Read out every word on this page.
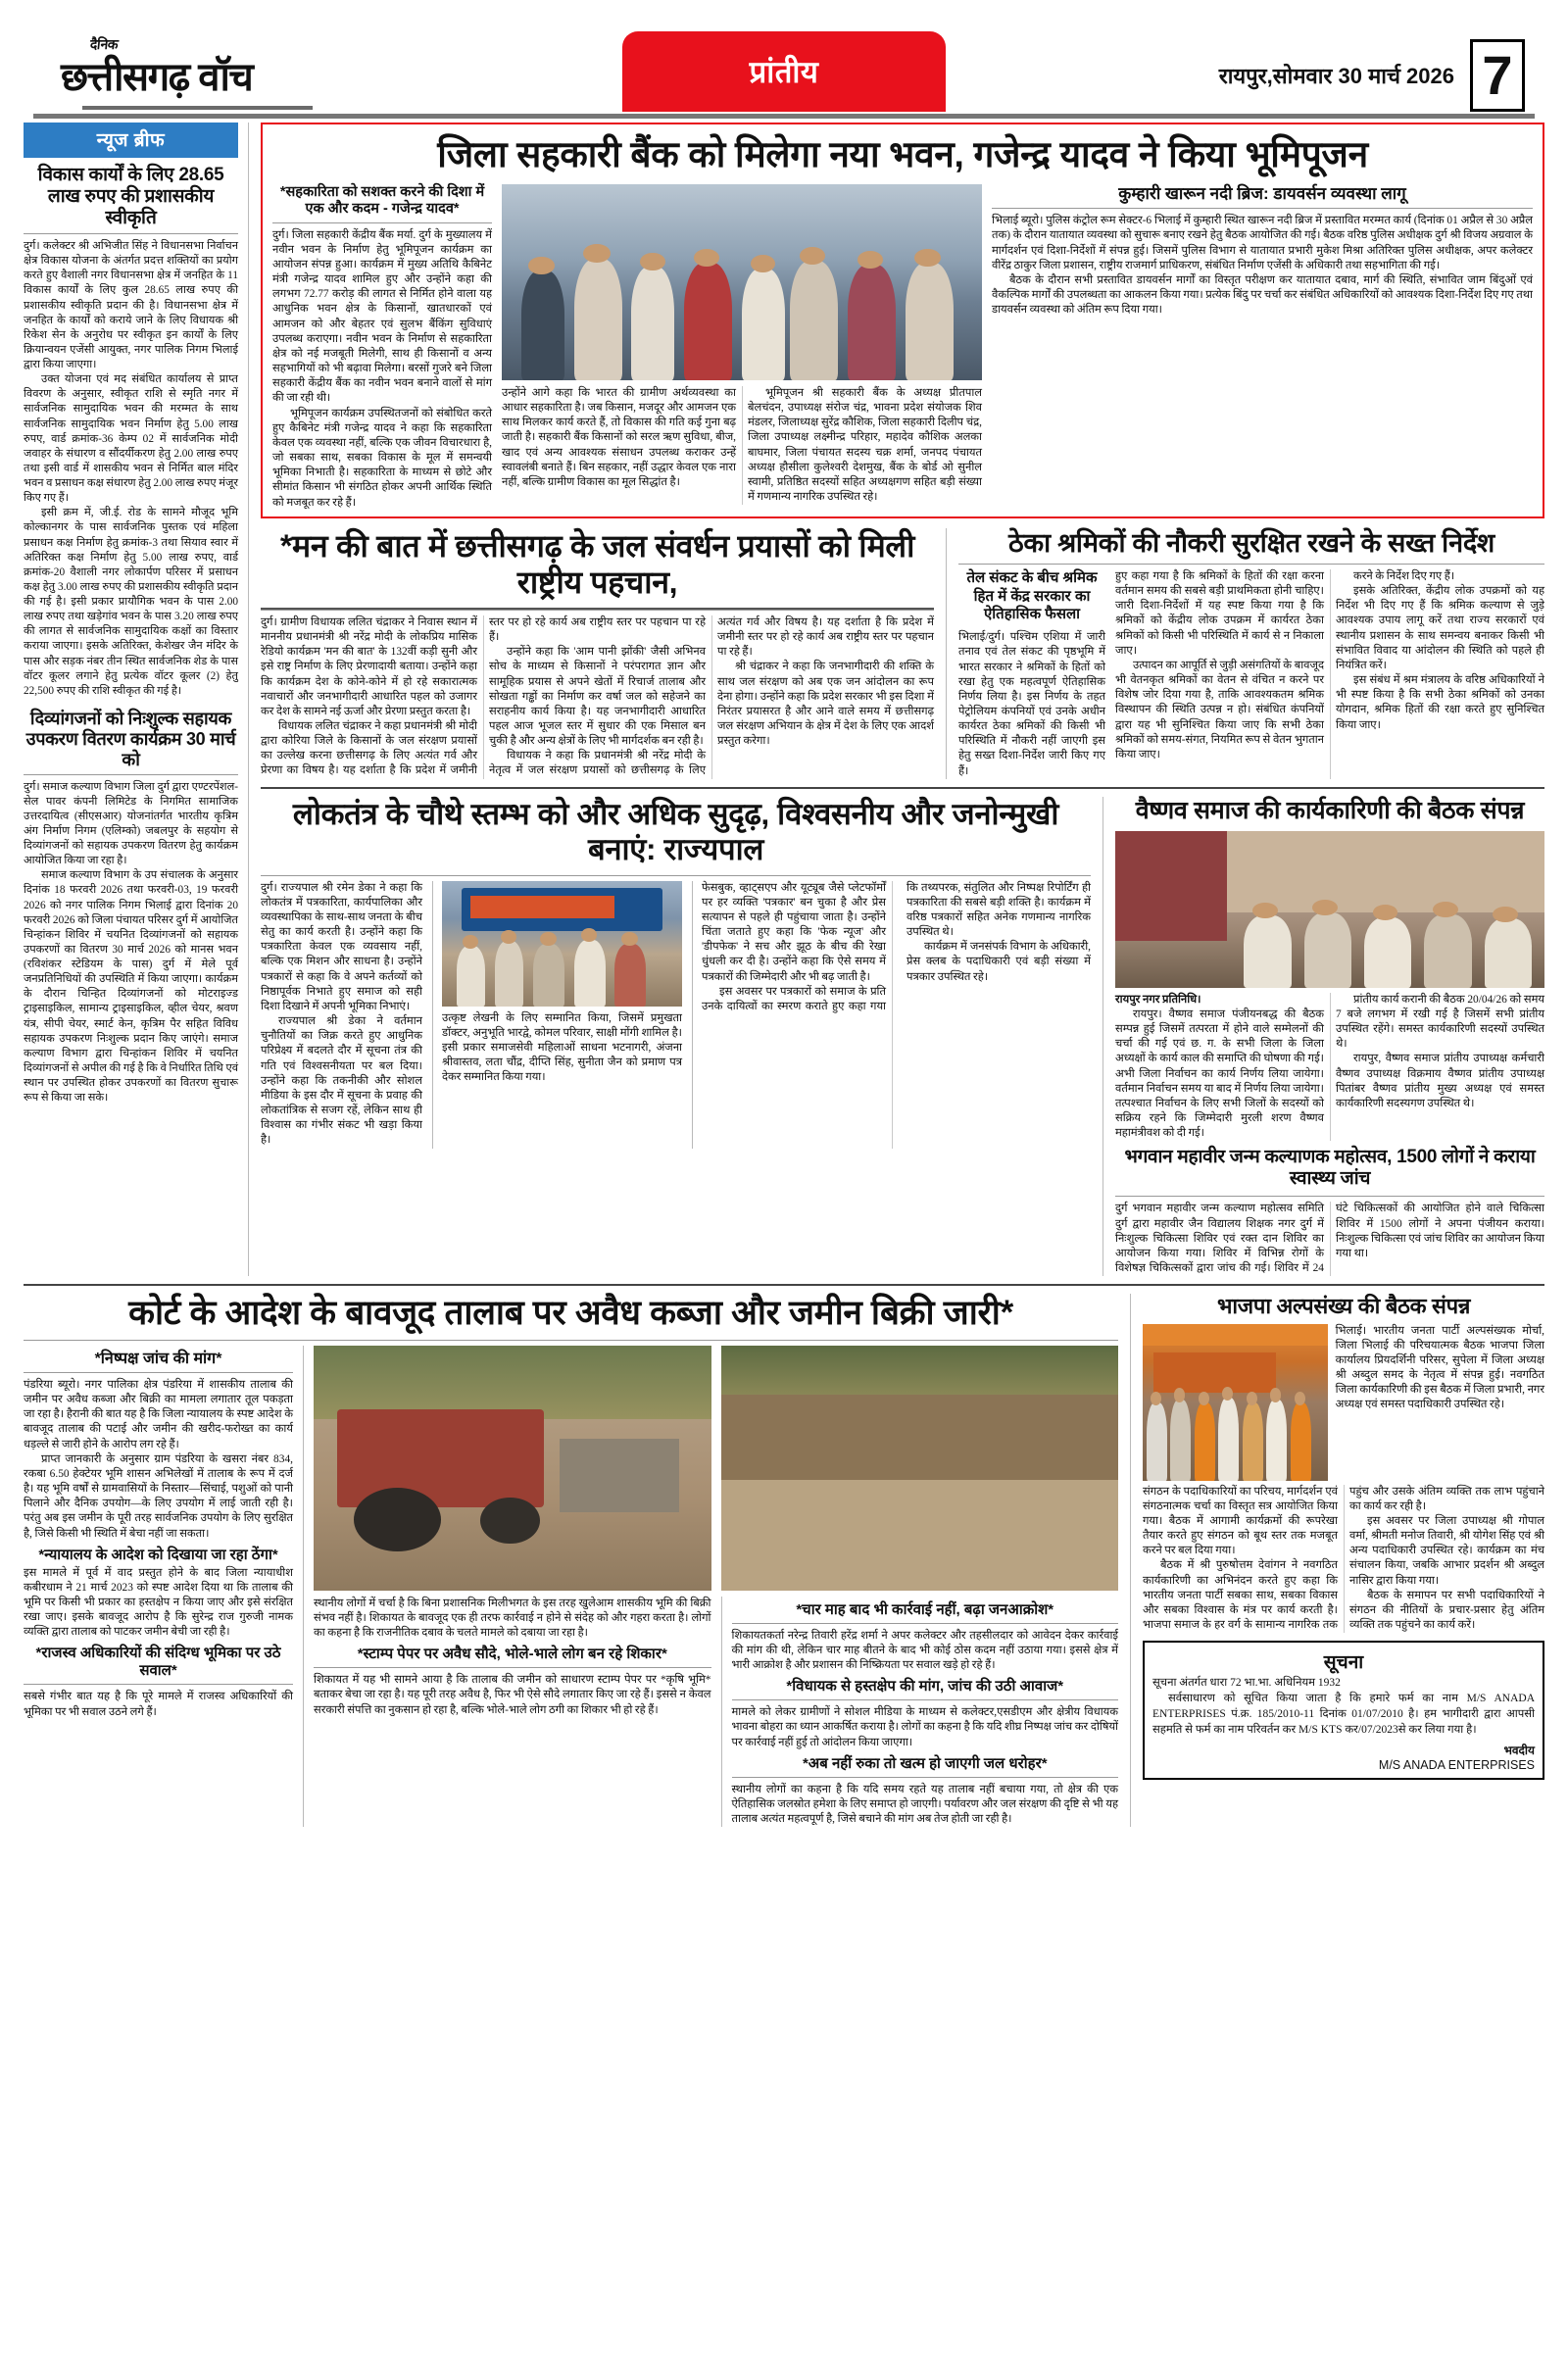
दैनिक
छत्तीसगढ़ वॉच	प्रांतीय	रायपुर,सोमवार 30 मार्च 2026 7
न्यूज ब्रीफ
विकास कार्यों के लिए 28.65 लाख रुपए की प्रशासकीय स्वीकृति

दुर्ग। कलेक्टर श्री अभिजीत सिंह ने विधानसभा निर्वाचन क्षेत्र विकास योजना के अंतर्गत प्रदत्त शक्तियों का प्रयोग करते हुए वैशाली नगर विधानसभा क्षेत्र में जनहित के 11 विकास कार्यों के लिए कुल 28.65 लाख रुपए की प्रशासकीय स्वीकृति प्रदान की है। विधानसभा क्षेत्र में जनहित के कार्यों को कराये जाने के लिए विधायक श्री रिकेश सेन के अनुरोध पर स्वीकृत इन कार्यों के लिए क्रियान्वयन एजेंसी आयुक्त, नगर पालिक निगम भिलाई द्वारा किया जाएगा।

उक्त योजना एवं मद संबंधित कार्यालय से प्राप्त विवरण के अनुसार, स्वीकृत राशि से स्मृति नगर में सार्वजनिक सामुदायिक भवन की मरम्मत के साथ सार्वजनिक सामुदायिक भवन निर्माण हेतु 5.00 लाख रुपए, वार्ड क्रमांक-36 केम्प 02 में सार्वजनिक मोदी जवाहर के संधारण व सौंदर्यीकरण हेतु 2.00 लाख रुपए तथा इसी वार्ड में शासकीय भवन से निर्मित बाल मंदिर भवन व प्रसाधन कक्ष संधारण हेतु 2.00 लाख रुपए मंजूर किए गए हैं।

इसी क्रम में, जी.ई. रोड के सामने मौजूद भूमि कोल्कानगर के पास सार्वजनिक पुस्तक एवं महिला प्रसाधन कक्ष निर्माण हेतु क्रमांक-3 तथा सियाव स्वार में अतिरिक्त कक्ष निर्माण हेतु 5.00 लाख रुपए, वार्ड क्रमांक-20 वैशाली नगर लोकार्पण परिसर में प्रसाधन कक्ष हेतु 3.00 लाख रुपए की प्रशासकीय स्वीकृति प्रदान की गई है। इसी प्रकार प्रायौगिक भवन के पास 2.00 लाख रुपए तथा खड़ेगांव भवन के पास 3.20 लाख रुपए की लागत से सार्वजनिक सामुदायिक कक्षों का विस्तार कराया जाएगा। इसके अतिरिक्त, केशेखर जैन मंदिर के पास और सड़क नंबर तीन स्थित सार्वजनिक शेड के पास वॉटर कूलर लगाने हेतु प्रत्येक वॉटर कूलर (2) हेतु 22,500 रुपए की राशि स्वीकृत की गई है।

दिव्यांगजनों को निःशुल्क सहायक उपकरण वितरण कार्यक्रम 30 मार्च को

दुर्ग। समाज कल्याण विभाग जिला दुर्ग द्वारा एण्टरपेंशल-सेल पावर कंपनी लिमिटेड के निगमित सामाजिक उत्तरदायित्व (सीएसआर) योजनांतर्गत भारतीय कृत्रिम अंग निर्माण निगम (एलिम्को) जबलपुर के सहयोग से दिव्यांगजनों को सहायक उपकरण वितरण हेतु कार्यक्रम आयोजित किया जा रहा है।

समाज कल्याण विभाग के उप संचालक के अनुसार दिनांक 18 फरवरी 2026 तथा फरवरी-03, 19 फरवरी 2026 को नगर पालिक निगम भिलाई द्वारा दिनांक 20 फरवरी 2026 को जिला पंचायत परिसर दुर्ग में आयोजित चिन्हांकन शिविर में चयनित दिव्यांगजनों को सहायक उपकरणों का वितरण 30 मार्च 2026 को मानस भवन (रविशंकर स्टेडियम के पास) दुर्ग में मेले पूर्व जनप्रतिनिधियों की उपस्थिति में किया जाएगा। कार्यक्रम के दौरान चिन्हित दिव्यांगजनों को मोटराइज्ड ट्राइसाइकिल, सामान्य ट्राइसाइकिल, व्हील चेयर, श्रवण यंत्र, सीपी चेयर, स्मार्ट केन, कृत्रिम पैर सहित विविध सहायक उपकरण निःशुल्क प्रदान किए जाएंगे। समाज कल्याण विभाग द्वारा चिन्हांकन शिविर में चयनित दिव्यांगजनों से अपील की गई है कि वे निर्धारित तिथि एवं स्थान पर उपस्थित होकर उपकरणों का वितरण सुचारू रूप से किया जा सके।

जिला सहकारी बैंक को मिलेगा नया भवन, गजेन्द्र यादव ने किया भूमिपूजन
*सहकारिता को सशक्त करने की दिशा में एक और कदम - गजेन्द्र यादव*

दुर्ग। जिला सहकारी केंद्रीय बैंक मर्या. दुर्ग के मुख्यालय में नवीन भवन के निर्माण हेतु भूमिपूजन कार्यक्रम का आयोजन संपन्न हुआ। कार्यक्रम में मुख्य अतिथि कैबिनेट मंत्री गजेन्द्र यादव शामिल हुए और उन्होंने कहा की लगभग 72.77 करोड़ की लागत से निर्मित होने वाला यह आधुनिक भवन क्षेत्र के किसानों, खातधारकों एवं आमजन को और बेहतर एवं सुलभ बैंकिंग सुविधाएं उपलब्ध कराएगा। नवीन भवन के निर्माण से सहकारिता क्षेत्र को नई मजबूती मिलेगी, साथ ही किसानों व अन्य सहभागियों को भी बढ़ावा मिलेगा। बरसों गुजरे बने जिला सहकारी केंद्रीय बैंक का नवीन भवन बनाने वालों से मांग की जा रही थी।

भूमिपूजन कार्यक्रम उपस्थितजनों को संबोधित करते हुए कैबिनेट मंत्री गजेन्द्र यादव ने कहा कि सहकारिता केवल एक व्यवस्था नहीं, बल्कि एक जीवन विचारधारा है, जो सबका साथ, सबका विकास के मूल में समन्वयी भूमिका निभाती है। सहकारिता के माध्यम से छोटे और सीमांत किसान भी संगठित होकर अपनी आर्थिक स्थिति को मजबूत कर रहे हैं।

उन्होंने आगे कहा कि भारत की ग्रामीण अर्थव्यवस्था का आधार सहकारिता है। जब किसान, मजदूर और आमजन एक साथ मिलकर कार्य करते हैं, तो विकास की गति कई गुना बढ़ जाती है। सहकारी बैंक किसानों को सरल ऋण सुविधा, बीज, खाद एवं अन्य आवश्यक संसाधन उपलब्ध कराकर उन्हें स्वावलंबी बनाते हैं। बिन सहकार, नहीं उद्धार केवल एक नारा नहीं, बल्कि ग्रामीण विकास का मूल सिद्धांत है।

भूमिपूजन श्री सहकारी बैंक के अध्यक्ष प्रीतपाल बेलचंदन, उपाध्यक्ष संरोज चंद्र, भावना प्रदेश संयोजक शिव मंडलर, जिलाध्यक्ष सुरेंद्र कौशिक, जिला सहकारी दिलीप चंद्र, जिला उपाध्यक्ष लक्ष्मीन्द्र परिहार, महादेव कौशिक अलका बाघमार, जिला पंचायत सदस्य चक्र शर्मा, जनपद पंचायत अध्यक्ष हौसीला कुलेश्वरी देशमुख, बैंक के बोर्ड ओ सुनील स्वामी, प्रतिष्ठित सदस्यों सहित अध्यक्षगण सहित बड़ी संख्या में गणमान्य नागरिक उपस्थित रहे।

कुम्हारी खारून नदी ब्रिज: डायवर्सन व्यवस्था लागू

भिलाई ब्यूरो। पुलिस कंट्रोल रूम सेक्टर-6 भिलाई में कुम्हारी स्थित खारून नदी ब्रिज में प्रस्तावित मरम्मत कार्य (दिनांक 01 अप्रैल से 30 अप्रैल तक) के दौरान यातायात व्यवस्था को सुचारू बनाए रखने हेतु बैठक आयोजित की गई। बैठक वरिष्ठ पुलिस अधीक्षक दुर्ग श्री विजय अग्रवाल के मार्गदर्शन एवं दिशा-निर्देशों में संपन्न हुई। जिसमें पुलिस विभाग से यातायात प्रभारी मुकेश मिश्रा अतिरिक्त पुलिस अधीक्षक, अपर कलेक्टर वीरेंद्र ठाकुर जिला प्रशासन, राष्ट्रीय राजमार्ग प्राधिकरण, संबंधित निर्माण एजेंसी के अधिकारी तथा सहभागिता की गई।

बैठक के दौरान सभी प्रस्तावित डायवर्सन मार्गों का विस्तृत परीक्षण कर यातायात दबाव, मार्ग की स्थिति, संभावित जाम बिंदुओं एवं वैकल्पिक मार्गों की उपलब्धता का आकलन किया गया। प्रत्येक बिंदु पर चर्चा कर संबंधित अधिकारियों को आवश्यक दिशा-निर्देश दिए गए तथा डायवर्सन व्यवस्था को अंतिम रूप दिया गया।

*मन की बात में छत्तीसगढ़ के जल संवर्धन प्रयासों को मिली राष्ट्रीय पहचान,

दुर्ग। ग्रामीण विधायक ललित चंद्राकर ने निवास स्थान में माननीय प्रधानमंत्री श्री नरेंद्र मोदी के लोकप्रिय मासिक रेडियो कार्यक्रम 'मन की बात' के 132वीं कड़ी सुनी और इसे राष्ट्र निर्माण के लिए प्रेरणादायी बताया। उन्होंने कहा कि कार्यक्रम देश के कोने-कोने में हो रहे सकारात्मक नवाचारों और जनभागीदारी आधारित पहल को उजागर कर देश के सामने नई ऊर्जा और प्रेरणा प्रस्तुत करता है।

विधायक ललित चंद्राकर ने कहा प्रधानमंत्री श्री मोदी द्वारा कोरिया जिले के किसानों के जल संरक्षण प्रयासों का उल्लेख करना छत्तीसगढ़ के लिए अत्यंत गर्व और प्रेरणा का विषय है। यह दर्शाता है कि प्रदेश में जमीनी स्तर पर हो रहे कार्य अब राष्ट्रीय स्तर पर पहचान पा रहे हैं।

उन्होंने कहा कि 'आम पानी झोंकी' जैसी अभिनव सोच के माध्यम से किसानों ने परंपरागत ज्ञान और सामूहिक प्रयास से अपने खेतों में रिचार्ज तालाब और सोखता गड्ढों का निर्माण कर वर्षा जल को सहेजने का सराहनीय कार्य किया है। यह जनभागीदारी आधारित पहल आज भूजल स्तर में सुधार की एक मिसाल बन चुकी है और अन्य क्षेत्रों के लिए भी मार्गदर्शक बन रही है।

विधायक ने कहा कि प्रधानमंत्री श्री नरेंद्र मोदी के नेतृत्व में जल संरक्षण प्रयासों को छत्तीसगढ़ के लिए अत्यंत गर्व और विषय है। यह दर्शाता है कि प्रदेश में जमीनी स्तर पर हो रहे कार्य अब राष्ट्रीय स्तर पर पहचान पा रहे हैं।

श्री चंद्राकर ने कहा कि जनभागीदारी की शक्ति के साथ जल संरक्षण को अब एक जन आंदोलन का रूप देना होगा। उन्होंने कहा कि प्रदेश सरकार भी इस दिशा में निरंतर प्रयासरत है और आने वाले समय में छत्तीसगढ़ जल संरक्षण अभियान के क्षेत्र में देश के लिए एक आदर्श प्रस्तुत करेगा।

ठेका श्रमिकों की नौकरी सुरक्षित रखने के सख्त निर्देश
तेल संकट के बीच श्रमिक हित में केंद्र सरकार का ऐतिहासिक फैसला

भिलाई/दुर्ग। पश्चिम एशिया में जारी तनाव एवं तेल संकट की पृष्ठभूमि में भारत सरकार ने श्रमिकों के हितों को रखा हेतु एक महत्वपूर्ण ऐतिहासिक निर्णय लिया है। इस निर्णय के तहत पेट्रोलियम कंपनियों एवं उनके अधीन कार्यरत ठेका श्रमिकों की किसी भी परिस्थिति में नौकरी नहीं जाएगी इस हेतु सख्त दिशा-निर्देश जारी किए गए हैं।

हुए कहा गया है कि श्रमिकों के हितों की रक्षा करना वर्तमान समय की सबसे बड़ी प्राथमिकता होनी चाहिए। जारी दिशा-निर्देशों में यह स्पष्ट किया गया है कि श्रमिकों को केंद्रीय लोक उपक्रम में कार्यरत ठेका श्रमिकों को किसी भी परिस्थिति में कार्य से न निकाला जाए।

उत्पादन का आपूर्ति से जुड़ी असंगतियों के बावजूद भी वेतनकृत श्रमिकों का वेतन से वंचित न करने पर विशेष जोर दिया गया है, ताकि आवश्यकतम श्रमिक विस्थापन की स्थिति उत्पन्न न हो। संबंधित कंपनियों द्वारा यह भी सुनिश्चित किया जाए कि सभी ठेका श्रमिकों को समय-संगत, नियमित रूप से वेतन भुगतान किया जाए।

करने के निर्देश दिए गए हैं।

इसके अतिरिक्त, केंद्रीय लोक उपक्रमों को यह निर्देश भी दिए गए हैं कि श्रमिक कल्याण से जुड़े आवश्यक उपाय लागू करें तथा राज्य सरकारों एवं स्थानीय प्रशासन के साथ समन्वय बनाकर किसी भी संभावित विवाद या आंदोलन की स्थिति को पहले ही नियंत्रित करें।

इस संबंध में श्रम मंत्रालय के वरिष्ठ अधिकारियों ने भी स्पष्ट किया है कि सभी ठेका श्रमिकों को उनका योगदान, श्रमिक हितों की रक्षा करते हुए सुनिश्चित किया जाए।

लोकतंत्र के चौथे स्तम्भ को और अधिक सुदृढ़, विश्वसनीय और जनोन्मुखी बनाएं: राज्यपाल

दुर्ग। राज्यपाल श्री रमेन डेका ने कहा कि लोकतंत्र में पत्रकारिता, कार्यपालिका और व्यवस्थापिका के साथ-साथ जनता के बीच सेतु का कार्य करती है। उन्होंने कहा कि पत्रकारिता केवल एक व्यवसाय नहीं, बल्कि एक मिशन और साधना है। उन्होंने पत्रकारों से कहा कि वे अपने कर्तव्यों को निष्ठापूर्वक निभाते हुए समाज को सही दिशा दिखाने में अपनी भूमिका निभाएं।

राज्यपाल श्री डेका ने वर्तमान चुनौतियों का जिक्र करते हुए आधुनिक परिप्रेक्ष्य में बदलते दौर में सूचना तंत्र की गति एवं विश्वसनीयता पर बल दिया। उन्होंने कहा कि तकनीकी और सोशल मीडिया के इस दौर में सूचना के प्रवाह की लोकतांत्रिक से सजग रहें, लेकिन साथ ही विश्वास का गंभीर संकट भी खड़ा किया है।

उत्कृष्ट लेखनी के लिए सम्मानित किया, जिसमें प्रमुखता डॉक्टर, अनुभूति भारद्वे, कोमल परिवार, साक्षी मोंगी शामिल है। इसी प्रकार समाजसेवी महिलाओं साधना भटनागरी, अंजना श्रीवास्तव, लता चौंद्र, दीप्ति सिंह, सुनीता जैन को प्रमाण पत्र देकर सम्मानित किया गया।

फेसबुक, व्हाट्सएप और यूट्यूब जैसे प्लेटफॉर्मों पर हर व्यक्ति 'पत्रकार' बन चुका है और प्रेस सत्यापन से पहले ही पहुंचाया जाता है। उन्होंने चिंता जताते हुए कहा कि 'फेक न्यूज' और 'डीपफेक' ने सच और झूठ के बीच की रेखा धुंधली कर दी है। उन्होंने कहा कि ऐसे समय में पत्रकारों की जिम्मेदारी और भी बढ़ जाती है।

इस अवसर पर पत्रकारों को समाज के प्रति उनके दायित्वों का स्मरण कराते हुए कहा गया कि तथ्यपरक, संतुलित और निष्पक्ष रिपोर्टिंग ही पत्रकारिता की सबसे बड़ी शक्ति है। कार्यक्रम में वरिष्ठ पत्रकारों सहित अनेक गणमान्य नागरिक उपस्थित थे।

कार्यक्रम में जनसंपर्क विभाग के अधिकारी, प्रेस क्लब के पदाधिकारी एवं बड़ी संख्या में पत्रकार उपस्थित रहे।

वैष्णव समाज की कार्यकारिणी की बैठक संपन्न

रायपुर नगर प्रतिनिधि।

रायपुर। वैष्णव समाज पंजीयनबद्ध की बैठक सम्पन्न हुई जिसमें तत्परता में होने वाले सम्मेलनों की चर्चा की गई एवं छ. ग. के सभी जिला के जिला अध्यक्षों के कार्य काल की समाप्ति की घोषणा की गई। अभी जिला निर्वाचन का कार्य निर्णय लिया जायेगा। वर्तमान निर्वाचन समय या बाद में निर्णय लिया जायेगा। तत्पश्चात निर्वाचन के लिए सभी जिलों के सदस्यों को सक्रिय रहने कि जिम्मेदारी मुरली शरण वैष्णव महामंत्रीवश को दी गई।

प्रांतीय कार्य करानी की बैठक 20/04/26 को समय 7 बजे लगभग में रखी गई है जिसमें सभी प्रांतीय उपस्थित रहेंगे। समस्त कार्यकारिणी सदस्यों उपस्थित थे।

रायपुर, वैष्णव समाज प्रांतीय उपाध्यक्ष कर्मचारी वैष्णव उपाध्यक्ष विक्रमाय वैष्णव प्रांतीय उपाध्यक्ष पितांबर वैष्णव प्रांतीय मुख्य अध्यक्ष एवं समस्त कार्यकारिणी सदस्यगण उपस्थित थे।

भगवान महावीर जन्म कल्याणक महोत्सव, 1500 लोगों ने कराया स्वास्थ्य जांच

दुर्ग भगवान महावीर जन्म कल्याण महोत्सव समिति दुर्ग द्वारा महावीर जैन विद्यालय शिक्षक नगर दुर्ग में निःशुल्क चिकित्सा शिविर एवं रक्त दान शिविर का आयोजन किया गया। शिविर में विभिन्न रोगों के विशेषज्ञ चिकित्सकों द्वारा जांच की गई। शिविर में 24 घंटे चिकित्सकों की आयोजित होने वाले चिकित्सा शिविर में 1500 लोगों ने अपना पंजीयन कराया। निःशुल्क चिकित्सा एवं जांच शिविर का आयोजन किया गया था।

कोर्ट के आदेश के बावजूद तालाब पर अवैध कब्जा और जमीन बिक्री जारी*
*निष्पक्ष जांच की मांग*

पंडरिया ब्यूरो। नगर पालिका क्षेत्र पंडरिया में शासकीय तालाब की जमीन पर अवैध कब्जा और बिक्री का मामला लगातार तूल पकड़ता जा रहा है। हैरानी की बात यह है कि जिला न्यायालय के स्पष्ट आदेश के बावजूद तालाब की पटाई और जमीन की खरीद-फरोख्त का कार्य धड़ल्ले से जारी होने के आरोप लग रहे हैं।

प्राप्त जानकारी के अनुसार ग्राम पंडरिया के खसरा नंबर 834, रकबा 6.50 हेक्टेयर भूमि शासन अभिलेखों में तालाब के रूप में दर्ज है। यह भूमि वर्षों से ग्रामवासियों के निस्तार—सिंचाई, पशुओं को पानी पिलाने और दैनिक उपयोग—के लिए उपयोग में लाई जाती रही है। परंतु अब इस जमीन के पूरी तरह सार्वजनिक उपयोग के लिए सुरक्षित है, जिसे किसी भी स्थिति में बेचा नहीं जा सकता।

*न्यायालय के आदेश को दिखाया जा रहा ठेंगा*

इस मामले में पूर्व में वाद प्रस्तुत होने के बाद जिला न्यायाधीश कबीरधाम ने 21 मार्च 2023 को स्पष्ट आदेश दिया था कि तालाब की भूमि पर किसी भी प्रकार का हस्तक्षेप न किया जाए और इसे संरक्षित रखा जाए। इसके बावजूद आरोप है कि सुरेन्द्र राज गुरुजी नामक व्यक्ति द्वारा तालाब को पाटकर जमीन बेची जा रही है।

*राजस्व अधिकारियों की संदिग्ध भूमिका पर उठे सवाल*

सबसे गंभीर बात यह है कि पूरे मामले में राजस्व अधिकारियों की भूमिका पर भी सवाल उठने लगे हैं।

स्थानीय लोगों में चर्चा है कि बिना प्रशासनिक मिलीभगत के इस तरह खुलेआम शासकीय भूमि की बिक्री संभव नहीं है। शिकायत के बावजूद एक ही तरफ कार्रवाई न होने से संदेह को और गहरा करता है। लोगों का कहना है कि राजनीतिक दबाव के चलते मामले को दबाया जा रहा है।

*स्टाम्प पेपर पर अवैध सौदे, भोले-भाले लोग बन रहे शिकार*

शिकायत में यह भी सामने आया है कि तालाब की जमीन को साधारण स्टाम्प पेपर पर *कृषि भूमि* बताकर बेचा जा रहा है। यह पूरी तरह अवैध है, फिर भी ऐसे सौदे लगातार किए जा रहे हैं। इससे न केवल सरकारी संपत्ति का नुकसान हो रहा है, बल्कि भोले-भाले लोग ठगी का शिकार भी हो रहे हैं।

*चार माह बाद भी कार्रवाई नहीं, बढ़ा जनआक्रोश*

शिकायतकर्ता नरेन्द्र तिवारी हरेंद्र शर्मा ने अपर कलेक्टर और तहसीलदार को आवेदन देकर कार्रवाई की मांग की थी, लेकिन चार माह बीतने के बाद भी कोई ठोस कदम नहीं उठाया गया। इससे क्षेत्र में भारी आक्रोश है और प्रशासन की निष्क्रियता पर सवाल खड़े हो रहे हैं।

*विधायक से हस्तक्षेप की मांग, जांच की उठी आवाज*

मामले को लेकर ग्रामीणों ने सोशल मीडिया के माध्यम से कलेक्टर,एसडीएम और क्षेत्रीय विधायक भावना बोहरा का ध्यान आकर्षित कराया है। लोगों का कहना है कि यदि शीघ्र निष्पक्ष जांच कर दोषियों पर कार्रवाई नहीं हुई तो आंदोलन किया जाएगा।

*अब नहीं रुका तो खत्म हो जाएगी जल धरोहर*

स्थानीय लोगों का कहना है कि यदि समय रहते यह तालाब नहीं बचाया गया, तो क्षेत्र की एक ऐतिहासिक जलस्रोत हमेशा के लिए समाप्त हो जाएगी। पर्यावरण और जल संरक्षण की दृष्टि से भी यह तालाब अत्यंत महत्वपूर्ण है, जिसे बचाने की मांग अब तेज होती जा रही है।

भाजपा अल्पसंख्य की बैठक संपन्न

भिलाई। भारतीय जनता पार्टी अल्पसंख्यक मोर्चा, जिला भिलाई की परिचयात्मक बैठक भाजपा जिला कार्यालय प्रियदर्शिनी परिसर, सुपेला में जिला अध्यक्ष श्री अब्दुल समद के नेतृत्व में संपन्न हुई। नवगठित जिला कार्यकारिणी की इस बैठक में जिला प्रभारी, नगर अध्यक्ष एवं समस्त पदाधिकारी उपस्थित रहे।

संगठन के पदाधिकारियों का परिचय, मार्गदर्शन एवं संगठनात्मक चर्चा का विस्तृत सत्र आयोजित किया गया। बैठक में आगामी कार्यक्रमों की रूपरेखा तैयार करते हुए संगठन को बूथ स्तर तक मजबूत करने पर बल दिया गया।

बैठक में श्री पुरुषोत्तम देवांगन ने नवगठित कार्यकारिणी का अभिनंदन करते हुए कहा कि भारतीय जनता पार्टी सबका साथ, सबका विकास और सबका विश्वास के मंत्र पर कार्य करती है। भाजपा समाज के हर वर्ग के सामान्य नागरिक तक पहुंच और उसके अंतिम व्यक्ति तक लाभ पहुंचाने का कार्य कर रही है।

इस अवसर पर जिला उपाध्यक्ष श्री गोपाल वर्मा, श्रीमती मनोज तिवारी, श्री योगेश सिंह एवं श्री अन्य पदाधिकारी उपस्थित रहे। कार्यक्रम का मंच संचालन किया, जबकि आभार प्रदर्शन श्री अब्दुल नासिर द्वारा किया गया।

बैठक के समापन पर सभी पदाधिकारियों ने संगठन की नीतियों के प्रचार-प्रसार हेतु अंतिम व्यक्ति तक पहुंचने का कार्य करें।

सूचना

सूचना अंतर्गत धारा 72 भा.भा. अधिनियम 1932

सर्वसाधारण को सूचित किया जाता है कि हमारे फर्म का नाम M/S ANADA ENTERPRISES पं.क्र. 185/2010-11 दिनांक 01/07/2010 है। हम भागीदारी द्वारा आपसी सहमति से फर्म का नाम परिवर्तन कर M/S KTS कर/07/2023से कर लिया गया है।

भवदीय
M/S ANADA ENTERPRISES
